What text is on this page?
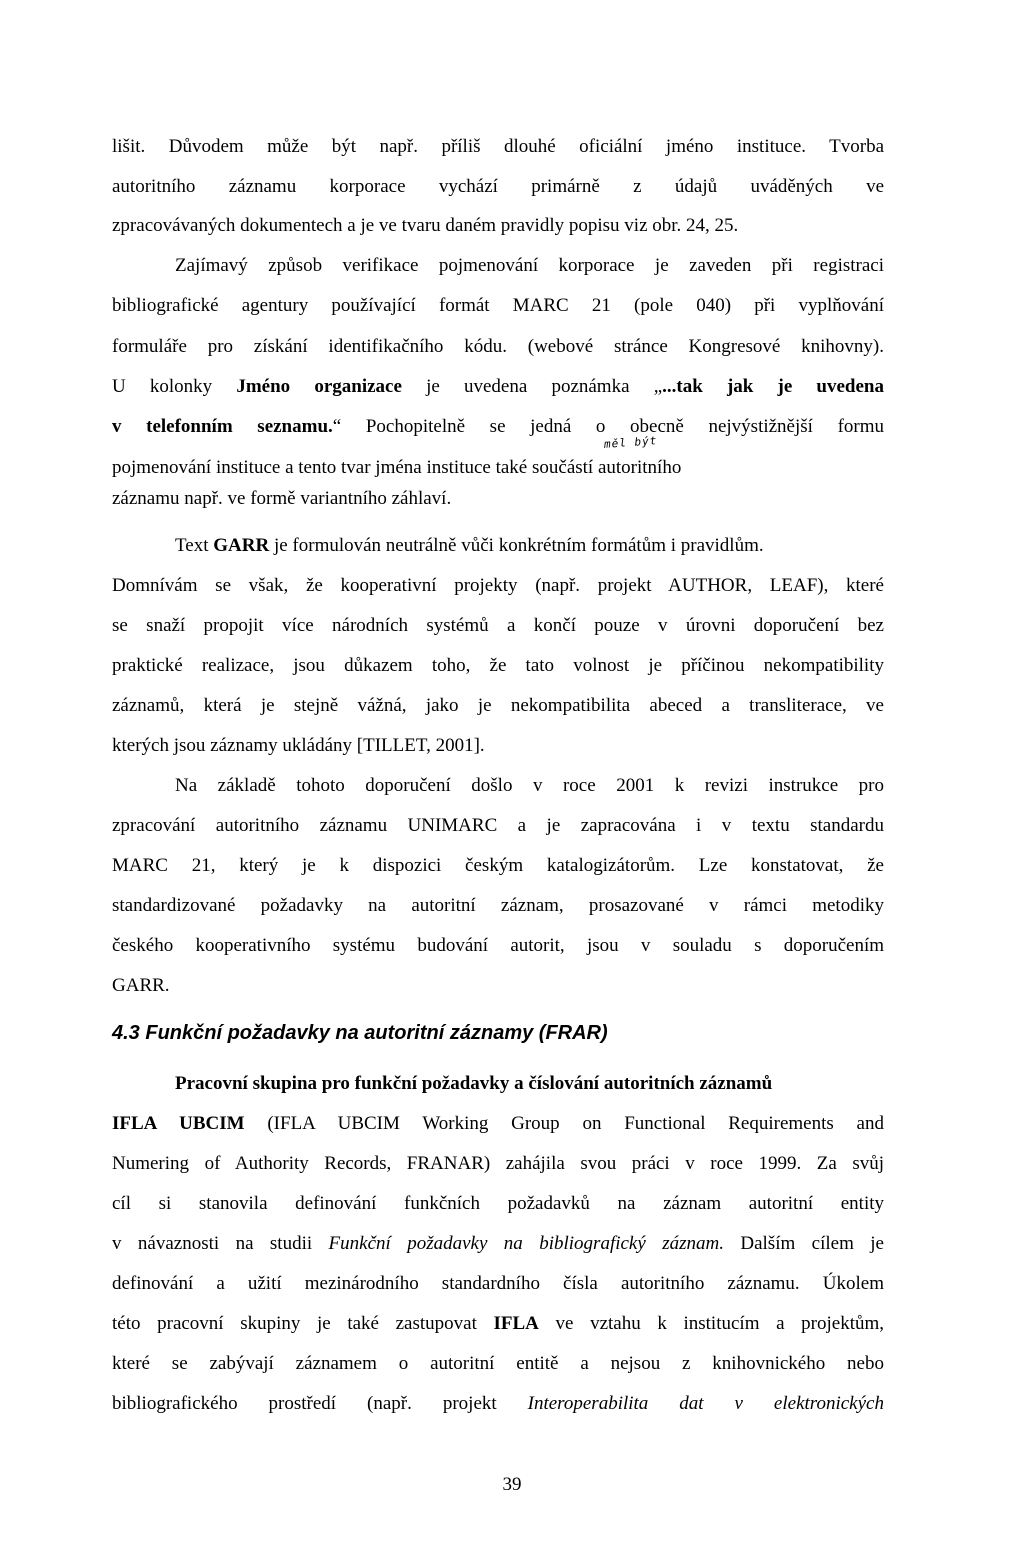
lišit. Důvodem může být např. příliš dlouhé oficiální jméno instituce. Tvorba
autoritního záznamu korporace vychází primárně z údajů uváděných ve
zpracovávaných dokumentech a je ve tvaru daném pravidly popisu viz obr. 24, 25.
Zajímavý způsob verifikace pojmenování korporace je zaveden při registraci
bibliografické agentury používající formát MARC 21 (pole 040) při vyplňování
formuláře pro získání identifikačního kódu. (webové stránce Kongresové knihovny).
U kolonky Jméno organizace je uvedena poznámka „...tak jak je uvedena
v telefonním seznamu.“ Pochopitelně se jedná o obecně nejvýstižnější formu
měl být
pojmenování instituce a tento tvar jména instituce také součástí autoritního
záznamu např. ve formě variantního záhlaví.
Text GARR je formulován neutrálně vůči konkrétním formátům i pravidlům.
Domnívám se však, že kooperativní projekty (např. projekt AUTHOR, LEAF), které
se snaží propojit více národních systémů a končí pouze v úrovni doporučení bez
praktické realizace, jsou důkazem toho, že tato volnost je příčinou nekompatibility
záznamů, která je stejně vážná, jako je nekompatibilita abeced a transliterace, ve
kterých jsou záznamy ukládány [TILLET, 2001].
Na základě tohoto doporučení došlo v roce 2001 k revizi instrukce pro
zpracování autoritního záznamu UNIMARC a je zapracována i v textu standardu
MARC 21, který je k dispozici českým katalogizátorům. Lze konstatovat, že
standardizované požadavky na autoritní záznam, prosazované v rámci metodiky
českého kooperativního systému budování autorit, jsou v souladu s doporučením
GARR.
4.3 Funkční požadavky na autoritní záznamy (FRAR)
Pracovní skupina pro funkční požadavky a číslování autoritních záznamů
IFLA UBCIM (IFLA UBCIM Working Group on Functional Requirements and
Numering of Authority Records, FRANAR) zahájila svou práci v roce 1999. Za svůj
cíl si stanovila definování funkčních požadavků na záznam autoritní entity
v návaznosti na studii Funkční požadavky na bibliografický záznam. Dalším cílem je
definování a užití mezinárodního standardního čísla autoritního záznamu. Úkolem
této pracovní skupiny je také zastupovat IFLA ve vztahu k institucím a projektům,
které se zabývají záznamem o autoritní entitě a nejsou z knihovnického nebo
bibliografického prostředí (např. projekt Interoperabilita dat v elektronických
39
